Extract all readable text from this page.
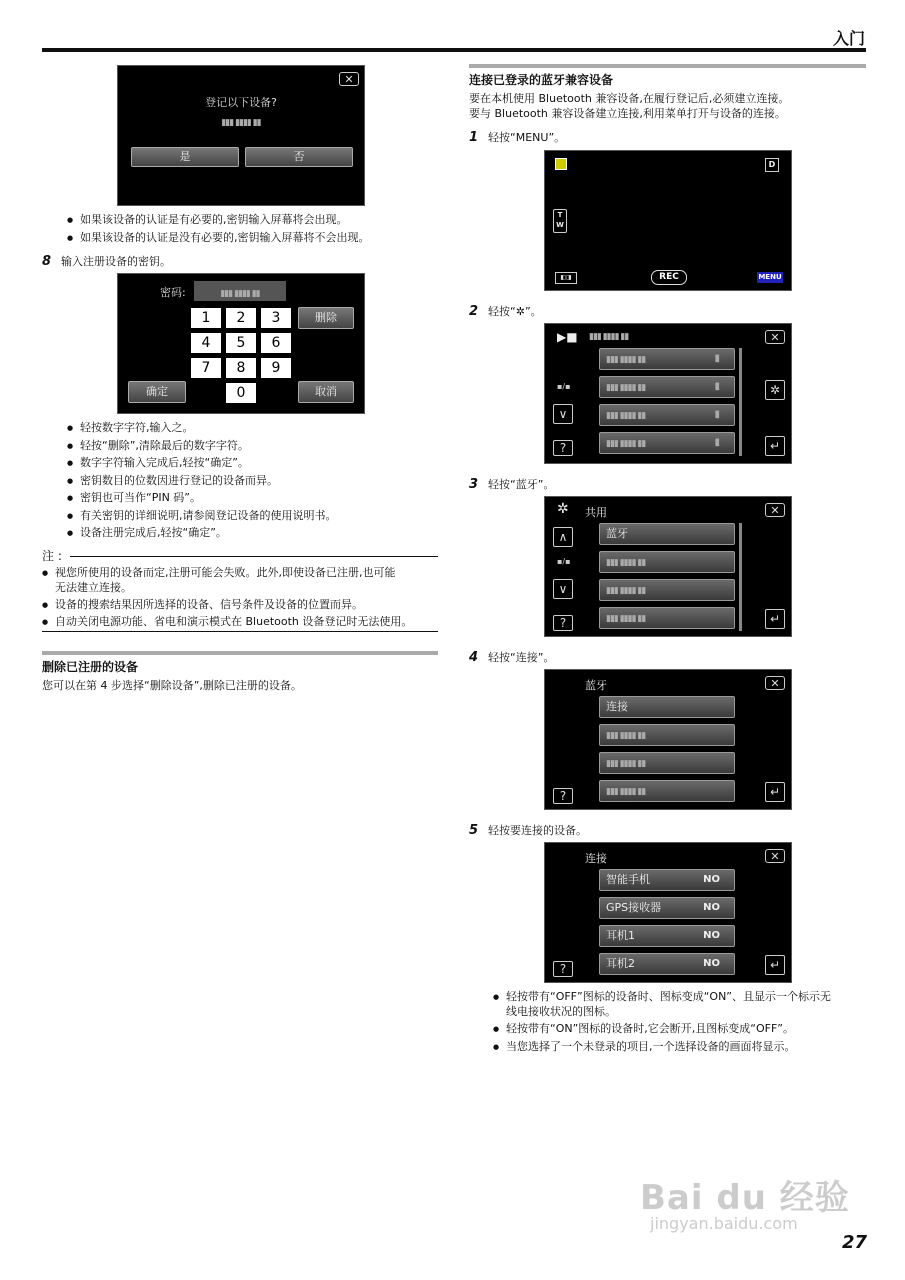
入门
✕
登记以下设备?
▮▮▮ ▮▮▮▮ ▮▮
是	否
● 如果该设备的认证是有必要的,密钥输入屏幕将会出现。
● 如果该设备的认证是没有必要的,密钥输入屏幕将不会出现。
8 输入注册设备的密钥。
密码:	▮▮▮ ▮▮▮▮ ▮▮
1	2	3
4	5	6
7	8	9
0
删除
确定	取消
● 轻按数字字符,输入之。
● 轻按“删除”,清除最后的数字字符。
● 数字字符输入完成后,轻按“确定”。
● 密钥数目的位数因进行登记的设备而异。
● 密钥也可当作“PIN 码”。
● 有关密钥的详细说明,请参阅登记设备的使用说明书。
● 设备注册完成后,轻按“确定”。
注 :
● 视您所使用的设备而定,注册可能会失败。此外,即使设备已注册,也可能
无法建立连接。
● 设备的搜索结果因所选择的设备、信号条件及设备的位置而异。
● 自动关闭电源功能、省电和演示模式在 Bluetooth 设备登记时无法使用。
删除已注册的设备
您可以在第 4 步选择“删除设备”,删除已注册的设备。
连接已登录的蓝牙兼容设备
要在本机使用 Bluetooth 兼容设备,在履行登记后,必须建立连接。
要与 Bluetooth 兼容设备建立连接,利用菜单打开与设备的连接。
1 轻按“MENU”。
D
T
W
◧◨	REC	MENU
2 轻按“✲”。
▶■ ▮▮▮ ▮▮▮▮ ▮▮	✕
▮▮▮ ▮▮▮▮ ▮▮	▮
▮▮▮ ▮▮▮▮ ▮▮	▮
▮▮▮ ▮▮▮▮ ▮▮	▮
▮▮▮ ▮▮▮▮ ▮▮	▮
▪/▪
∨
?
✲
↵
3 轻按“蓝牙”。
✲ 共用	✕
蓝牙
▮▮▮ ▮▮▮▮ ▮▮
▮▮▮ ▮▮▮▮ ▮▮
▮▮▮ ▮▮▮▮ ▮▮
∧
▪/▪
∨
?	↵
4 轻按“连接”。
蓝牙	✕
连接
▮▮▮ ▮▮▮▮ ▮▮
▮▮▮ ▮▮▮▮ ▮▮
▮▮▮ ▮▮▮▮ ▮▮
?	↵
5 轻按要连接的设备。
连接	✕
智能手机	NO
GPS接收器	NO
耳机1	NO
耳机2	NO
?	↵
● 轻按带有“OFF”图标的设备时、图标变成“ON”、且显示一个标示无
线电接收状况的图标。
● 轻按带有“ON”图标的设备时,它会断开,且图标变成“OFF”。
● 当您选择了一个未登录的项目,一个选择设备的画面将显示。
Bai du 经验
jingyan.baidu.com
27
